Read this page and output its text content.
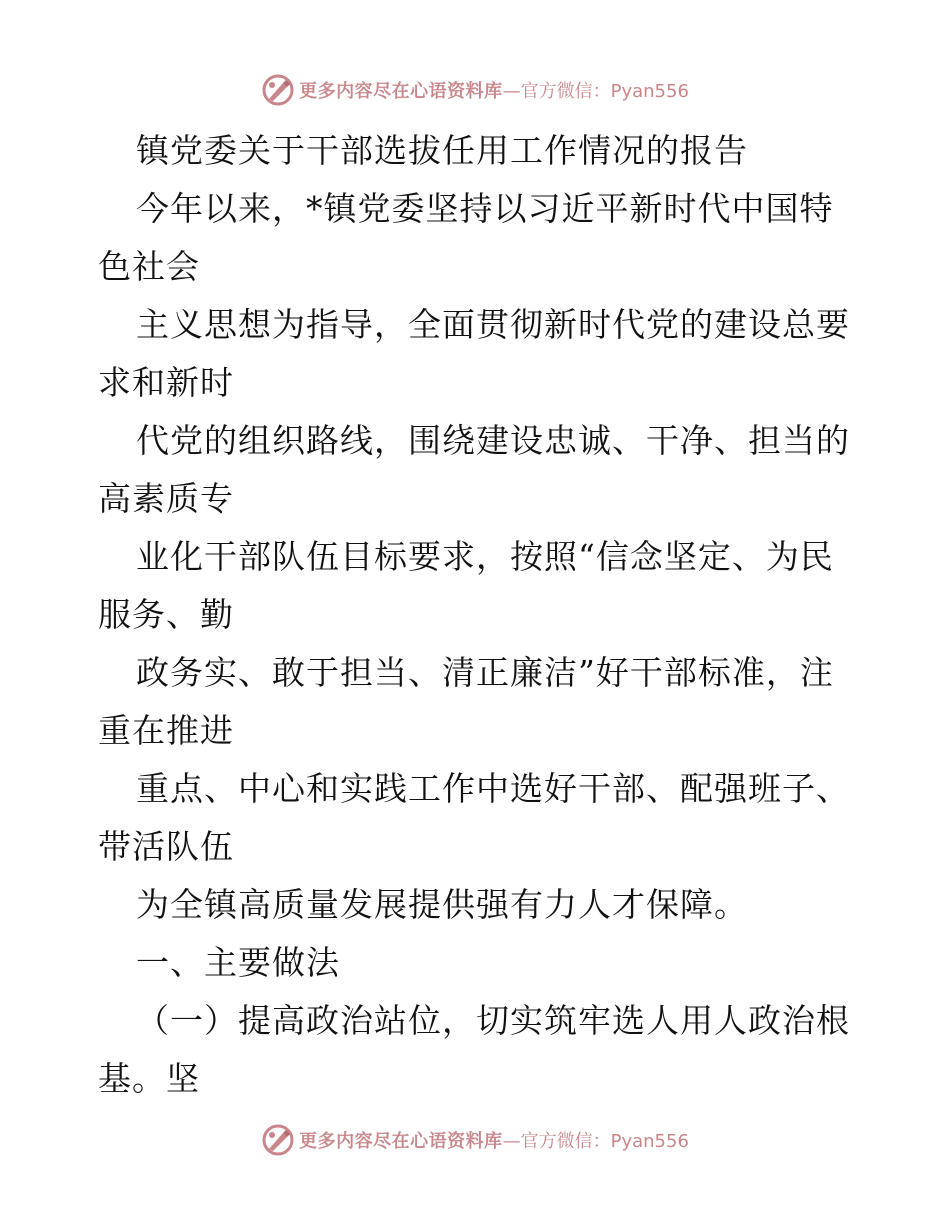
更多内容尽在心语资料库 —官方微信：Pyan556
镇党委关于干部选拔任用工作情况的报告
今年以来，*镇党委坚持以习近平新时代中国特
色社会
主义思想为指导，全面贯彻新时代党的建设总要
求和新时
代党的组织路线，围绕建设忠诚、干净、担当的
高素质专
业化干部队伍目标要求，按照“信念坚定、为民
服务、勤
政务实、敢于担当、清正廉洁”好干部标准，注
重在推进
重点、中心和实践工作中选好干部、配强班子、
带活队伍
为全镇高质量发展提供强有力人才保障。
一、主要做法
（一）提高政治站位，切实筑牢选人用人政治根
基。坚
更多内容尽在心语资料库 —官方微信：Pyan556
